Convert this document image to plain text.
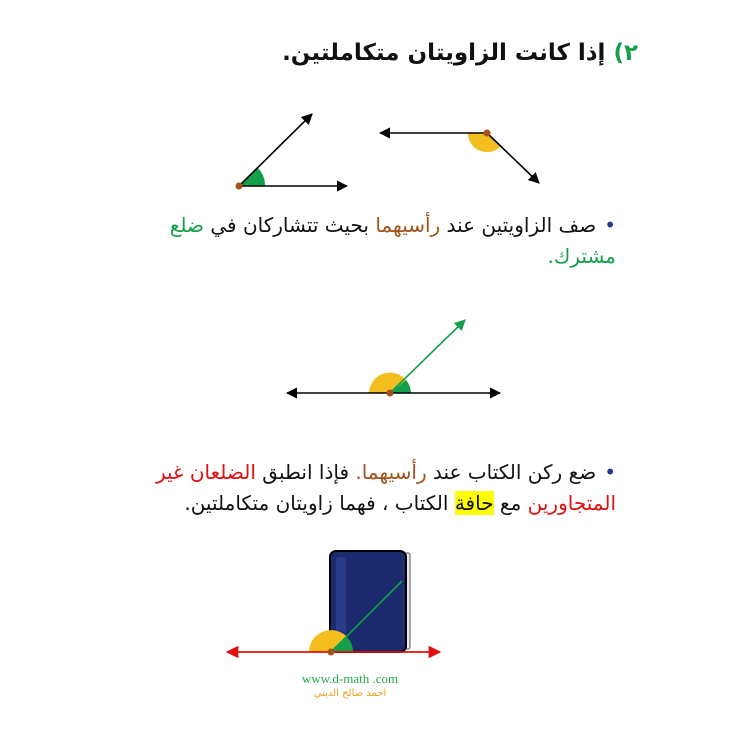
٢)إذا كانت الزاويتان متكاملتين.
•صف الزاويتين عند رأسيهما بحيث تتشاركان في ضلع مشترك.
•ضع ركن الكتاب عند رأسيهما. فإذا انطبق الضلعان غير المتجاورين مع حافة الكتاب ، فهما زاويتان متكاملتين.
www.d-math .com
احمد صالح الديني
